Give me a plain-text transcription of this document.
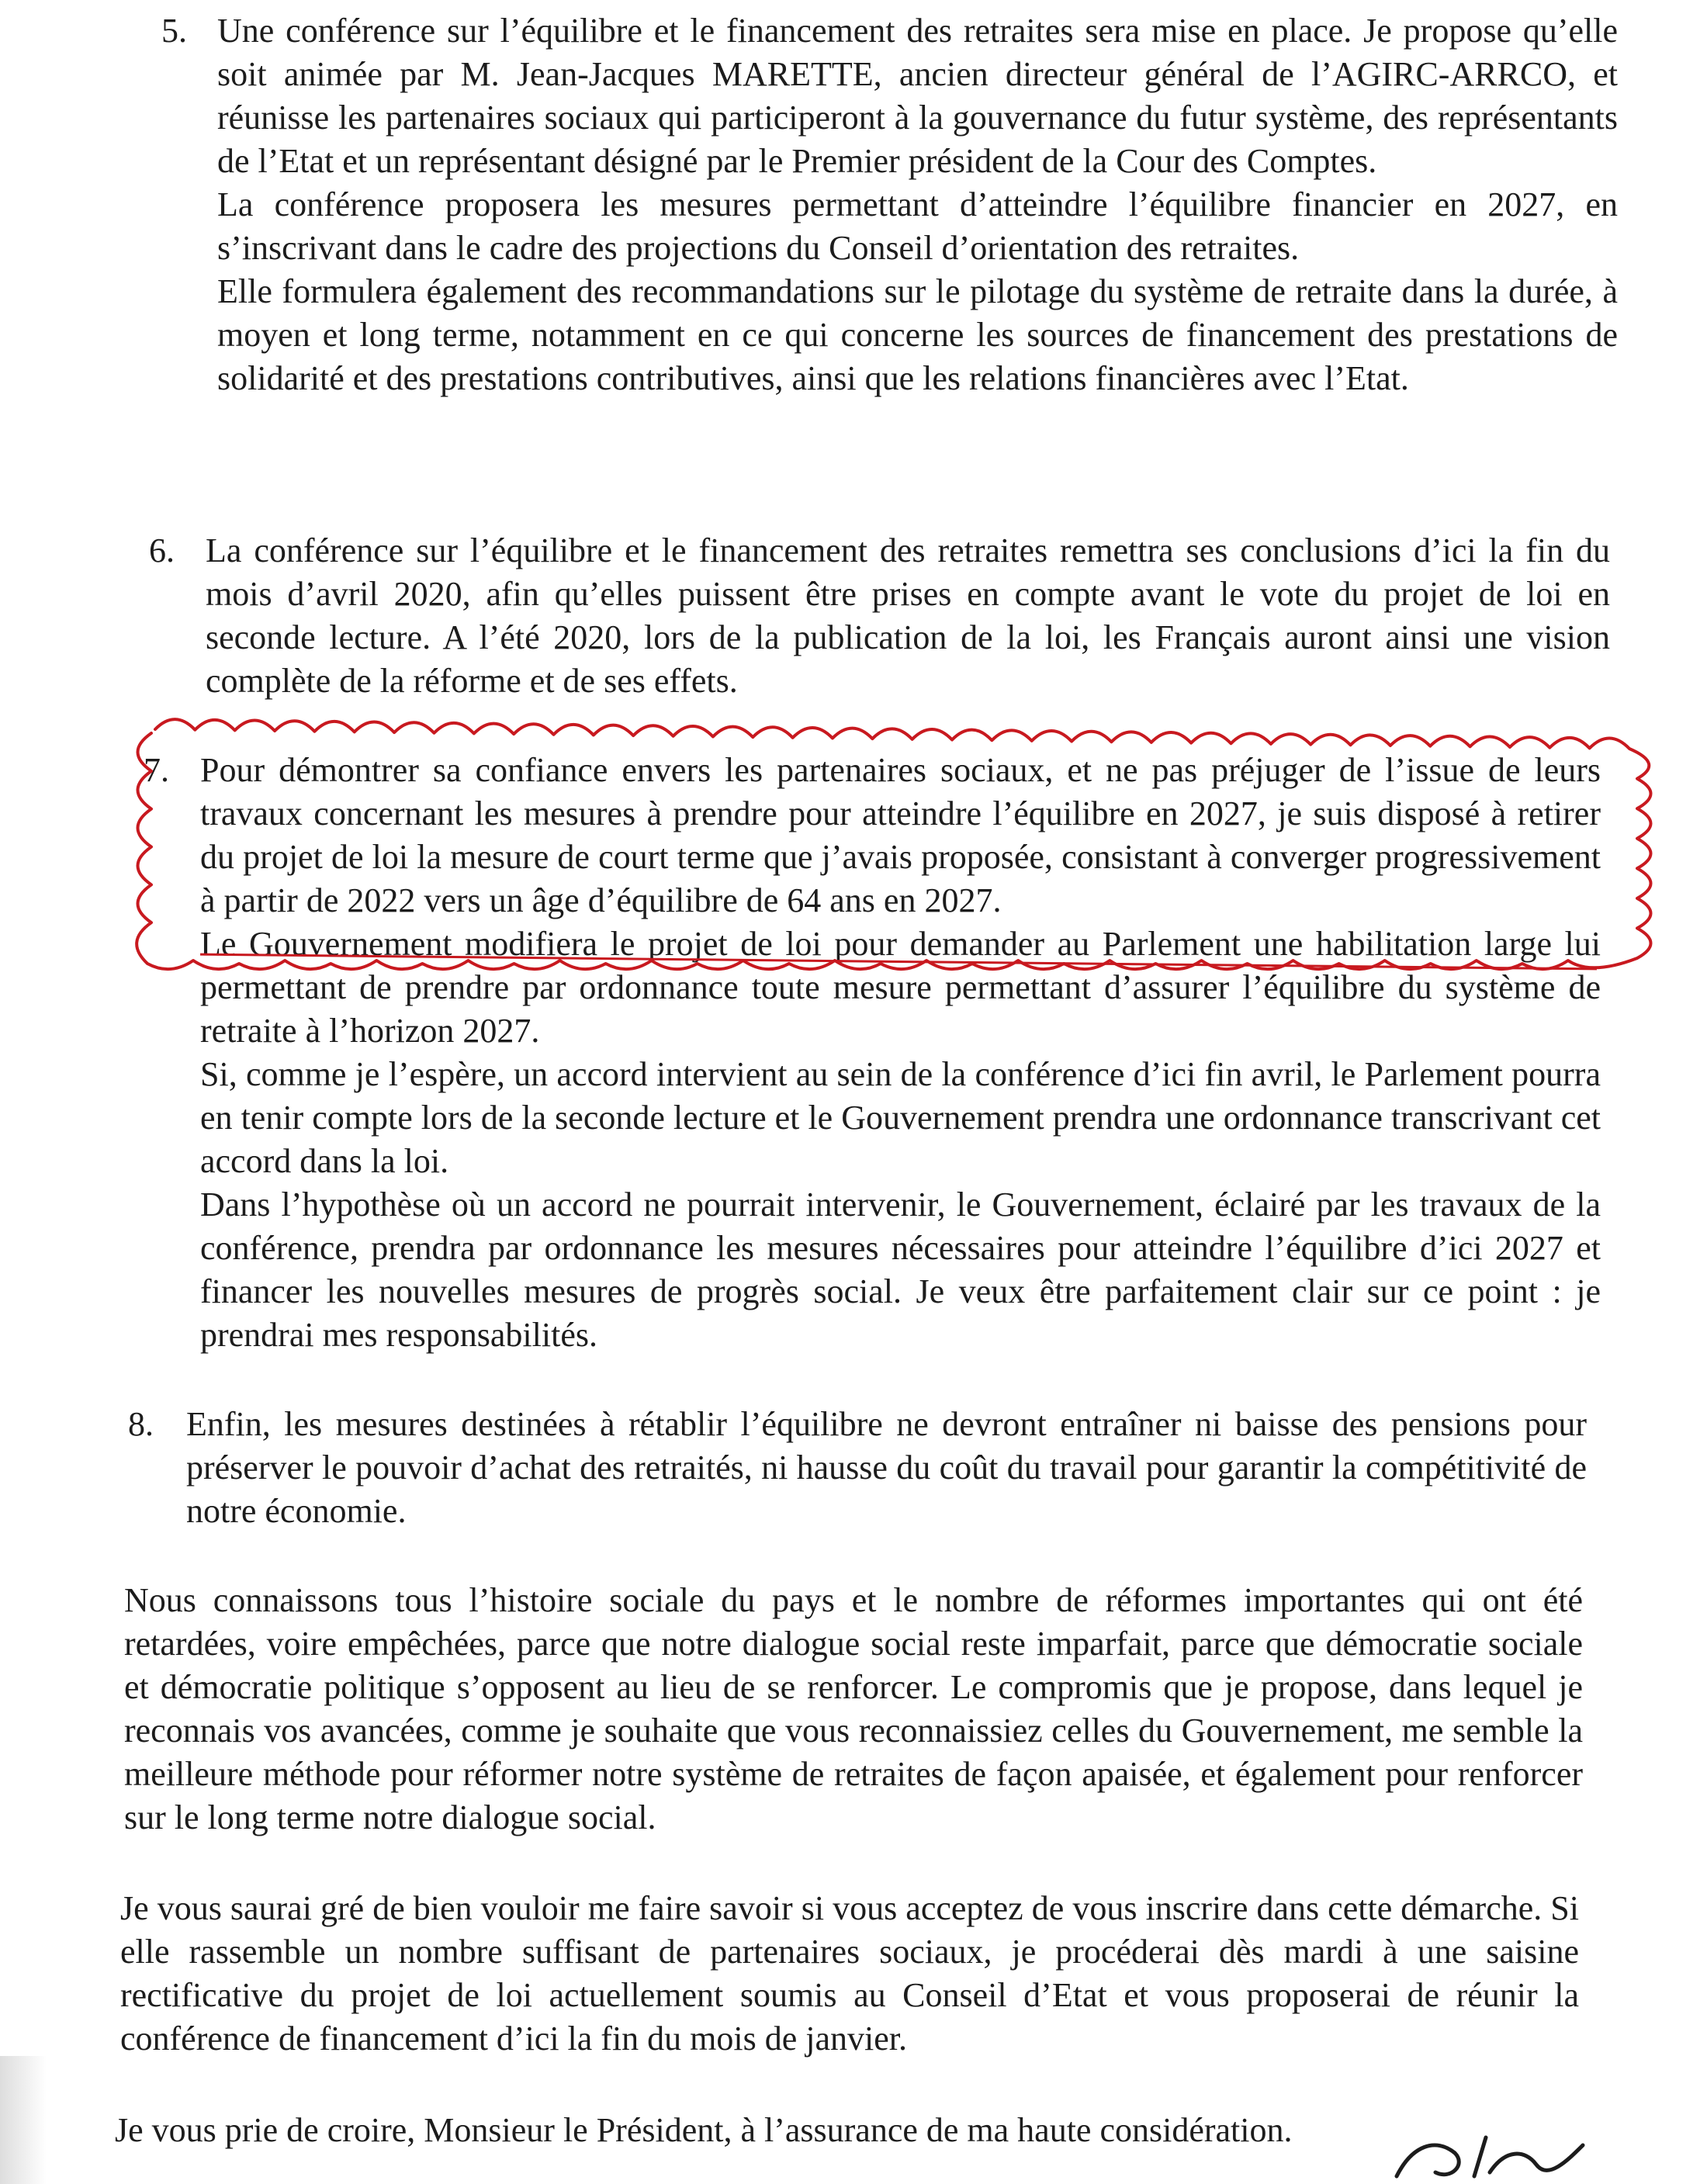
5. Une conférence sur l’équilibre et le financement des retraites sera mise en place. Je propose qu’elle soit animée par M. Jean-Jacques MARETTE, ancien directeur général de l’AGIRC-ARRCO, et réunisse les partenaires sociaux qui participeront à la gouvernance du futur système, des représentants de l’Etat et un représentant désigné par le Premier président de la Cour des Comptes.

La conférence proposera les mesures permettant d’atteindre l’équilibre financier en 2027, en s’inscrivant dans le cadre des projections du Conseil d’orientation des retraites.

Elle formulera également des recommandations sur le pilotage du système de retraite dans la durée, à moyen et long terme, notamment en ce qui concerne les sources de financement des prestations de solidarité et des prestations contributives, ainsi que les relations financières avec l’Etat.

6. La conférence sur l’équilibre et le financement des retraites remettra ses conclusions d’ici la fin du mois d’avril 2020, afin qu’elles puissent être prises en compte avant le vote du projet de loi en seconde lecture. A l’été 2020, lors de la publication de la loi, les Français auront ainsi une vision complète de la réforme et de ses effets.

7. Pour démontrer sa confiance envers les partenaires sociaux, et ne pas préjuger de l’issue de leurs travaux concernant les mesures à prendre pour atteindre l’équilibre en 2027, je suis disposé à retirer du projet de loi la mesure de court terme que j’avais proposée, consistant à converger progressivement à partir de 2022 vers un âge d’équilibre de 64 ans en 2027.

Le Gouvernement modifiera le projet de loi pour demander au Parlement une habilitation large lui permettant de prendre par ordonnance toute mesure permettant d’assurer l’équilibre du système de retraite à l’horizon 2027.

Si, comme je l’espère, un accord intervient au sein de la conférence d’ici fin avril, le Parlement pourra en tenir compte lors de la seconde lecture et le Gouvernement prendra une ordonnance transcrivant cet accord dans la loi.

Dans l’hypothèse où un accord ne pourrait intervenir, le Gouvernement, éclairé par les travaux de la conférence, prendra par ordonnance les mesures nécessaires pour atteindre l’équilibre d’ici 2027 et financer les nouvelles mesures de progrès social. Je veux être parfaitement clair sur ce point : je prendrai mes responsabilités.

8. Enfin, les mesures destinées à rétablir l’équilibre ne devront entraîner ni baisse des pensions pour préserver le pouvoir d’achat des retraités, ni hausse du coût du travail pour garantir la compétitivité de notre économie.

Nous connaissons tous l’histoire sociale du pays et le nombre de réformes importantes qui ont été retardées, voire empêchées, parce que notre dialogue social reste imparfait, parce que démocratie sociale et démocratie politique s’opposent au lieu de se renforcer. Le compromis que je propose, dans lequel je reconnais vos avancées, comme je souhaite que vous reconnaissiez celles du Gouvernement, me semble la meilleure méthode pour réformer notre système de retraites de façon apaisée, et également pour renforcer sur le long terme notre dialogue social.
Je vous saurai gré de bien vouloir me faire savoir si vous acceptez de vous inscrire dans cette démarche. Si elle rassemble un nombre suffisant de partenaires sociaux, je procéderai dès mardi à une saisine rectificative du projet de loi actuellement soumis au Conseil d’Etat et vous proposerai de réunir la conférence de financement d’ici la fin du mois de janvier.
Je vous prie de croire, Monsieur le Président, à l’assurance de ma haute considération.
